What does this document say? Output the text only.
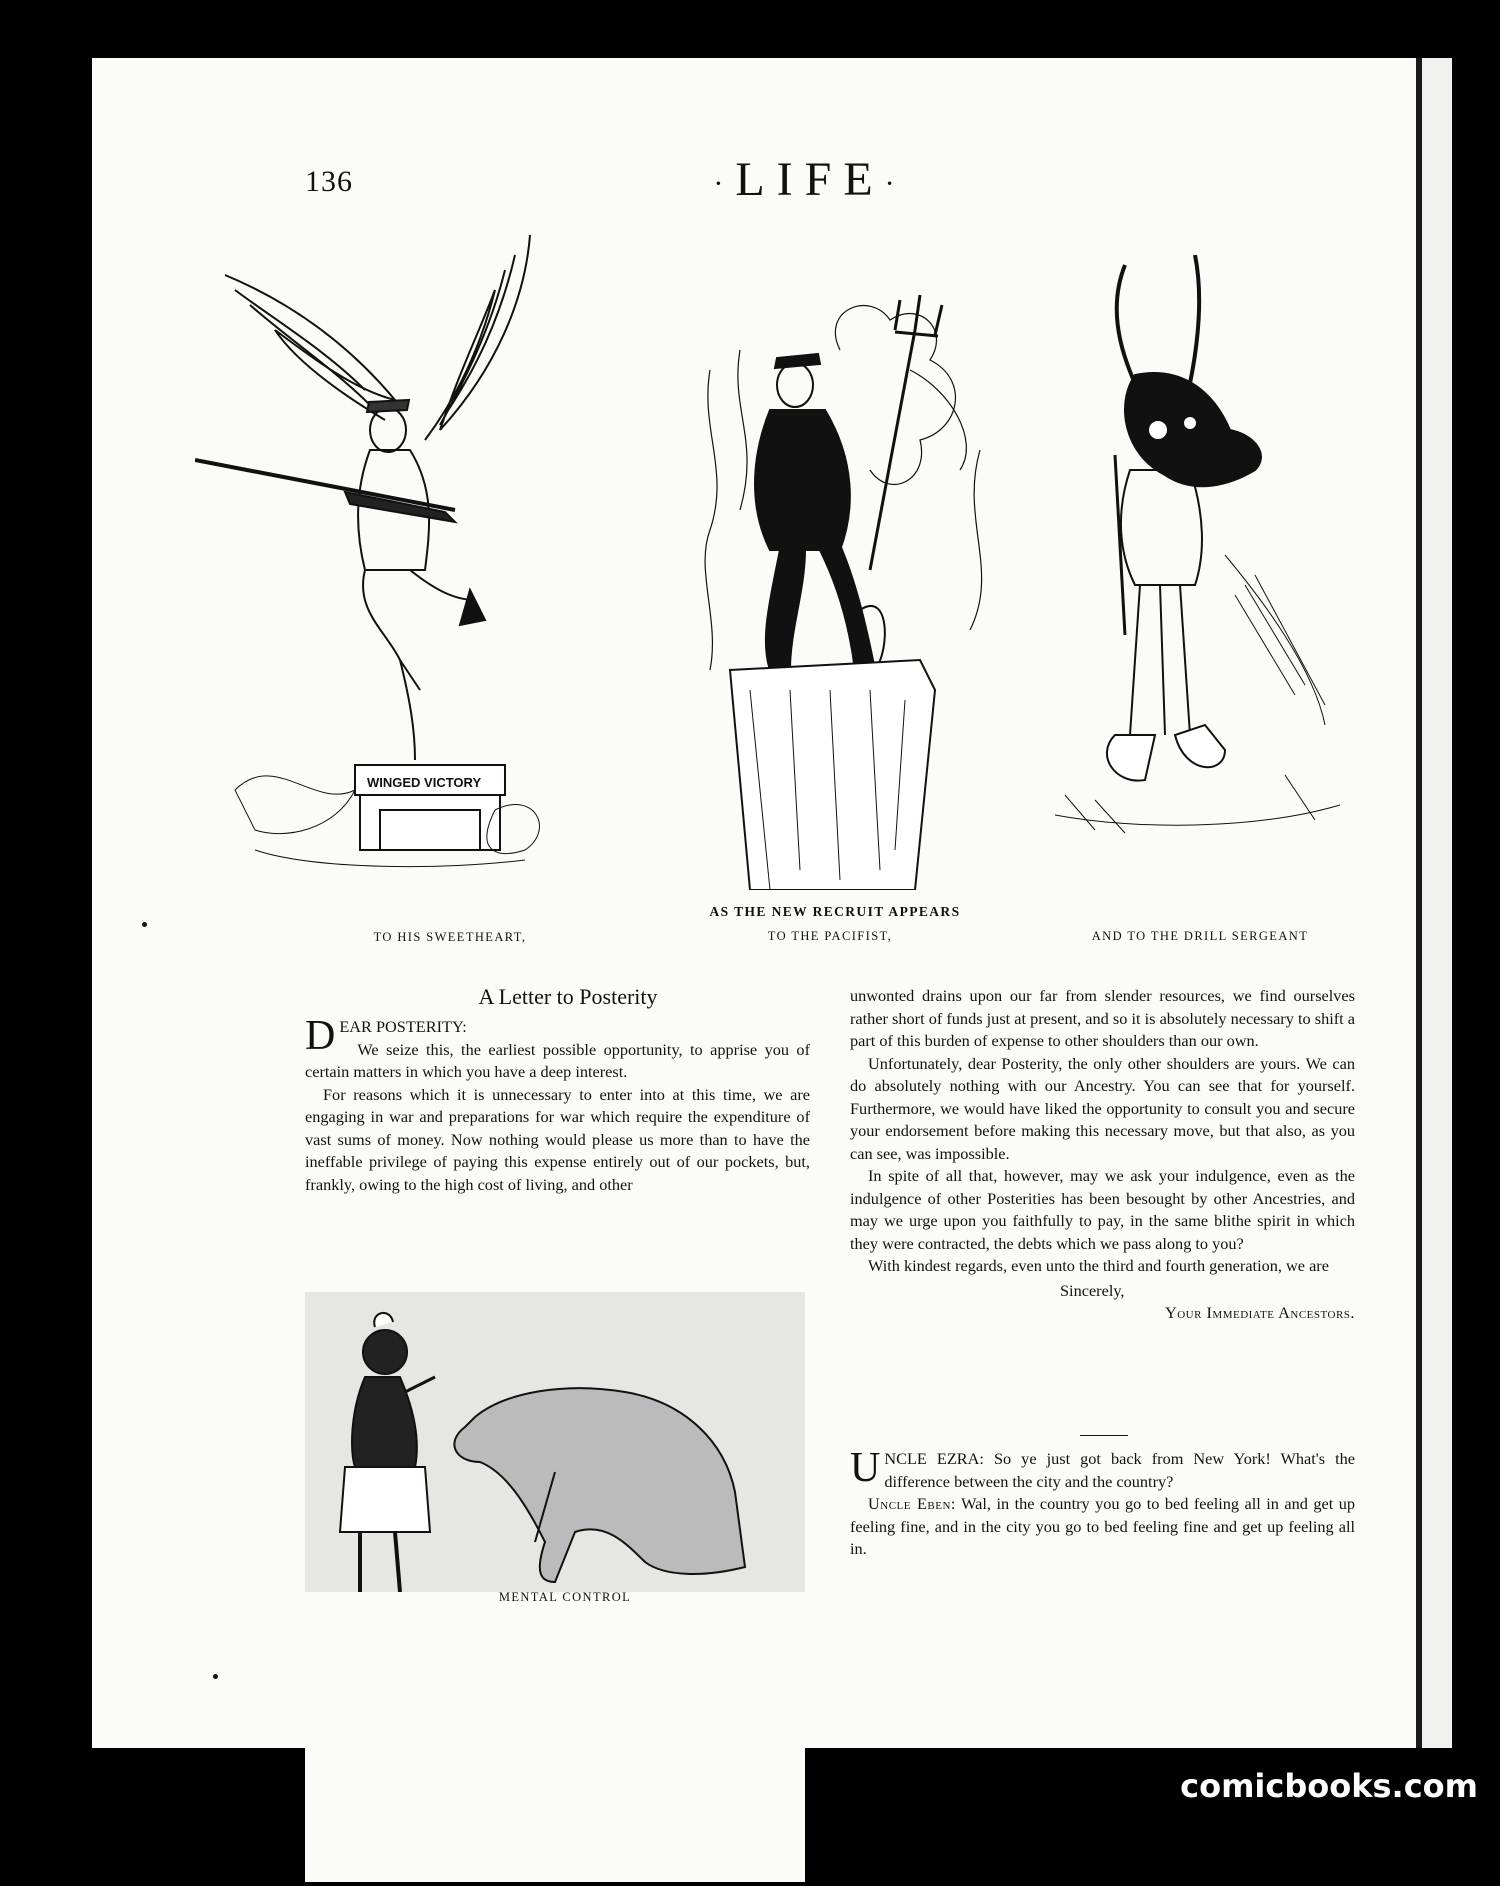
136	·LIFE·
WINGED VICTORY
AS THE NEW RECRUIT APPEARS
TO HIS SWEETHEART,	TO THE PACIFIST,	AND TO THE DRILL SERGEANT
A Letter to Posterity

DEAR POSTERITY:

We seize this, the earliest possible opportunity, to apprise you of certain matters in which you have a deep interest.

For reasons which it is unnecessary to enter into at this time, we are engaging in war and preparations for war which require the expenditure of vast sums of money. Now nothing would please us more than to have the ineffable privilege of paying this expense entirely out of our pockets, but, frankly, owing to the high cost of living, and other

MENTAL CONTROL

unwonted drains upon our far from slender resources, we find ourselves rather short of funds just at present, and so it is absolutely necessary to shift a part of this burden of expense to other shoulders than our own.

Unfortunately, dear Posterity, the only other shoulders are yours. We can do absolutely nothing with our Ancestry. You can see that for yourself. Furthermore, we would have liked the opportunity to consult you and secure your endorsement before making this necessary move, but that also, as you can see, was impossible.

In spite of all that, however, may we ask your indulgence, even as the indulgence of other Posterities has been besought by other Ancestries, and may we urge upon you faithfully to pay, in the same blithe spirit in which they were contracted, the debts which we pass along to you?

With kindest regards, even unto the third and fourth generation, we are

Sincerely,

Your Immediate Ancestors.

UNCLE EZRA: So ye just got back from New York! What's the difference between the city and the country?

Uncle Eben: Wal, in the country you go to bed feeling all in and get up feeling fine, and in the city you go to bed feeling fine and get up feeling all in.

comicbooks.com
